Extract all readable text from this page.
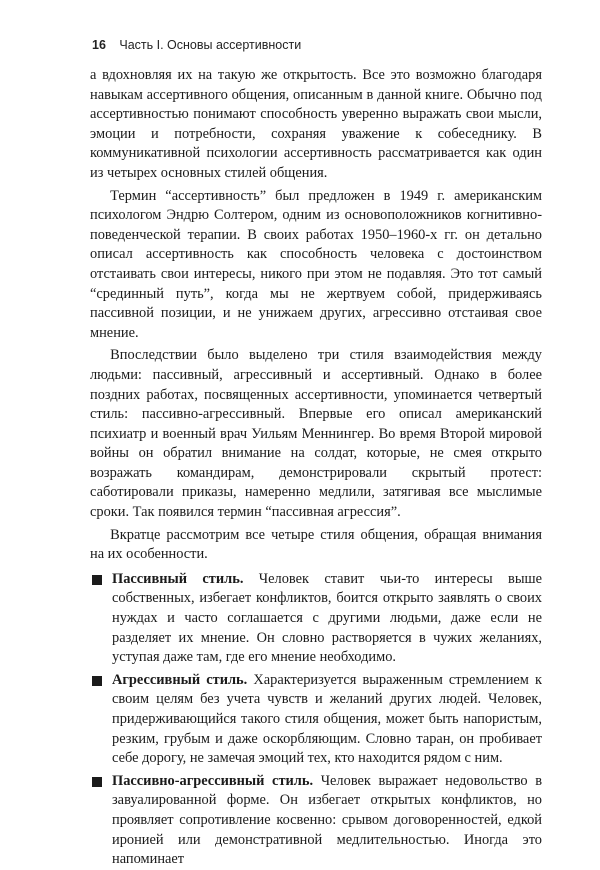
16 Часть I. Основы ассертивности

а вдохновляя их на такую же открытость. Все это возможно благодаря навыкам ассертивного общения, описанным в данной книге. Обычно под ассертивностью понимают способность уверенно выражать свои мысли, эмоции и потребности, сохраняя уважение к собеседнику. В коммуникативной психологии ассертивность рассматривается как один из четырех основных стилей общения.

Термин “ассертивность” был предложен в 1949 г. американским психологом Эндрю Солтером, одним из основоположников когнитивно-поведенческой терапии. В своих работах 1950–1960-х гг. он детально описал ассертивность как способность человека с достоинством отстаивать свои интересы, никого при этом не подавляя. Это тот самый “срединный путь”, когда мы не жертвуем собой, придерживаясь пассивной позиции, и не унижаем других, агрессивно отстаивая свое мнение.

Впоследствии было выделено три стиля взаимодействия между людьми: пассивный, агрессивный и ассертивный. Однако в более поздних работах, посвященных ассертивности, упоминается четвертый стиль: пассивно-агрессивный. Впервые его описал американский психиатр и военный врач Уильям Меннингер. Во время Второй мировой войны он обратил внимание на солдат, которые, не смея открыто возражать командирам, демонстрировали скрытый протест: саботировали приказы, намеренно медлили, затягивая все мыслимые сроки. Так появился термин “пассивная агрессия”.

Вкратце рассмотрим все четыре стиля общения, обращая внимания на их особенности.

Пассивный стиль. Человек ставит чьи-то интересы выше собственных, избегает конфликтов, боится открыто заявлять о своих нуждах и часто соглашается с другими людьми, даже если не разделяет их мнение. Он словно растворяется в чужих желаниях, уступая даже там, где его мнение необходимо.
Агрессивный стиль. Характеризуется выраженным стремлением к своим целям без учета чувств и желаний других людей. Человек, придерживающийся такого стиля общения, может быть напористым, резким, грубым и даже оскорбляющим. Словно таран, он пробивает себе дорогу, не замечая эмоций тех, кто находится рядом с ним.
Пассивно-агрессивный стиль. Человек выражает недовольство в завуалированной форме. Он избегает открытых конфликтов, но проявляет сопротивление косвенно: срывом договоренностей, едкой иронией или демонстративной медлительностью. Иногда это напоминает
